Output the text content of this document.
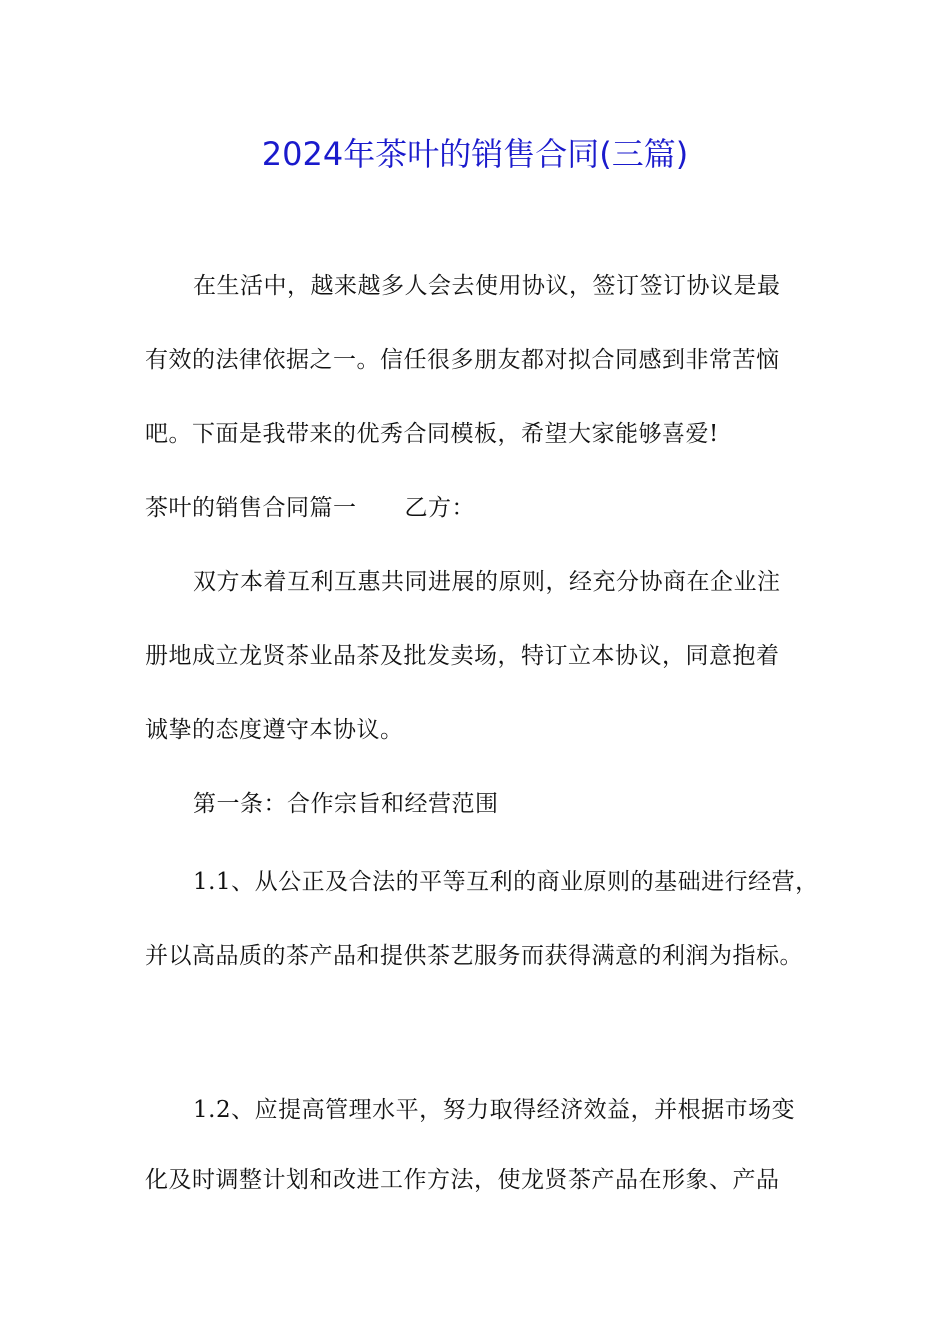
2024年茶叶的销售合同(三篇)
在生活中，越来越多人会去使用协议，签订签订协议是最
有效的法律依据之一。信任很多朋友都对拟合同感到非常苦恼
吧。下面是我带来的优秀合同模板，希望大家能够喜爱!
茶叶的销售合同篇一 乙方：
双方本着互利互惠共同进展的原则，经充分协商在企业注
册地成立龙贤茶业品茶及批发卖场，特订立本协议，同意抱着
诚挚的态度遵守本协议。
第一条：合作宗旨和经营范围
1.1、从公正及合法的平等互利的商业原则的基础进行经营，
并以高品质的茶产品和提供茶艺服务而获得满意的利润为指标。
1.2、应提高管理水平，努力取得经济效益，并根据市场变
化及时调整计划和改进工作方法，使龙贤茶产品在形象、产品
